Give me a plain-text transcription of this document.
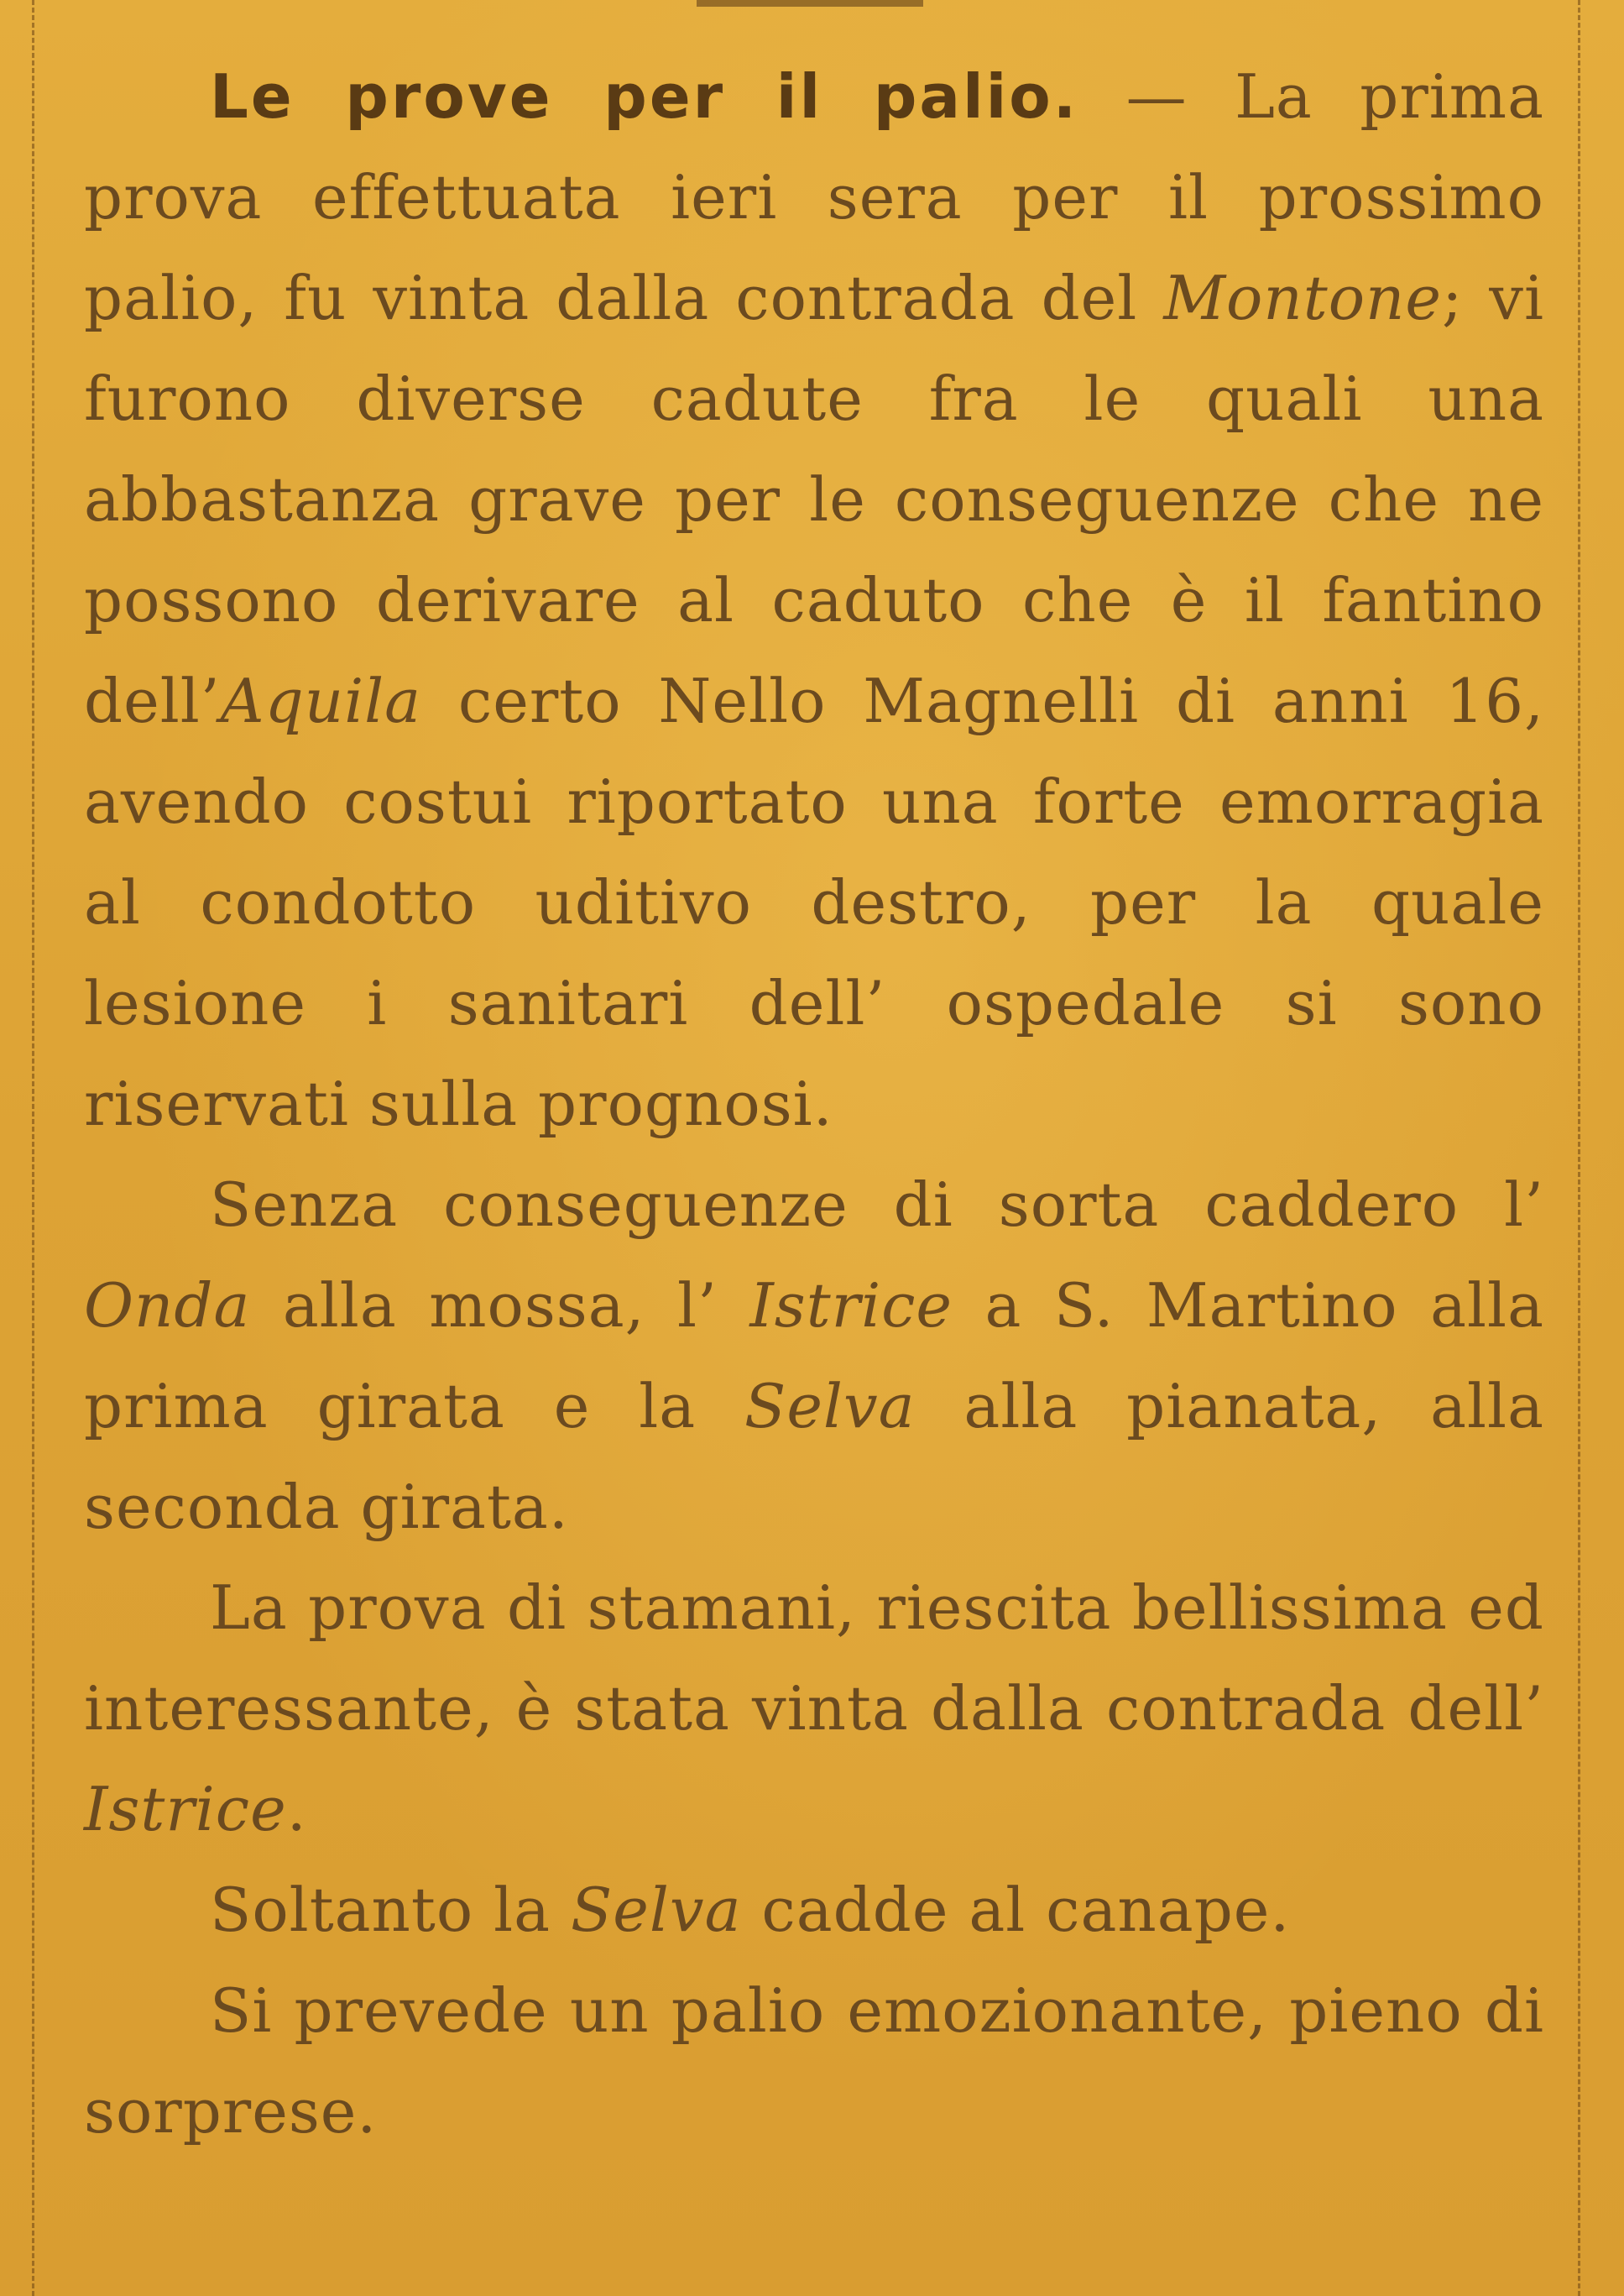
Le prove per il palio. — La prima prova effettuata ieri sera per il prossimo palio, fu vinta dalla contrada del Montone; vi furono diverse cadute fra le quali una abbastanza grave per le conseguenze che ne possono derivare al caduto che è il fantino dell’Aquila certo Nello Magnelli di anni 16, avendo costui riportato una forte emorragia al condotto uditivo destro, per la quale lesione i sanitari dell’ ospedale si sono riservati sulla prognosi.

Senza conseguenze di sorta caddero l’ Onda alla mossa, l’ Istrice a S. Martino alla prima girata e la Selva alla pianata, alla seconda girata.

La prova di stamani, riescita bellissima ed interessante, è stata vinta dalla contrada dell’ Istrice.

Soltanto la Selva cadde al canape.

Si prevede un palio emozionante, pieno di sorprese.
